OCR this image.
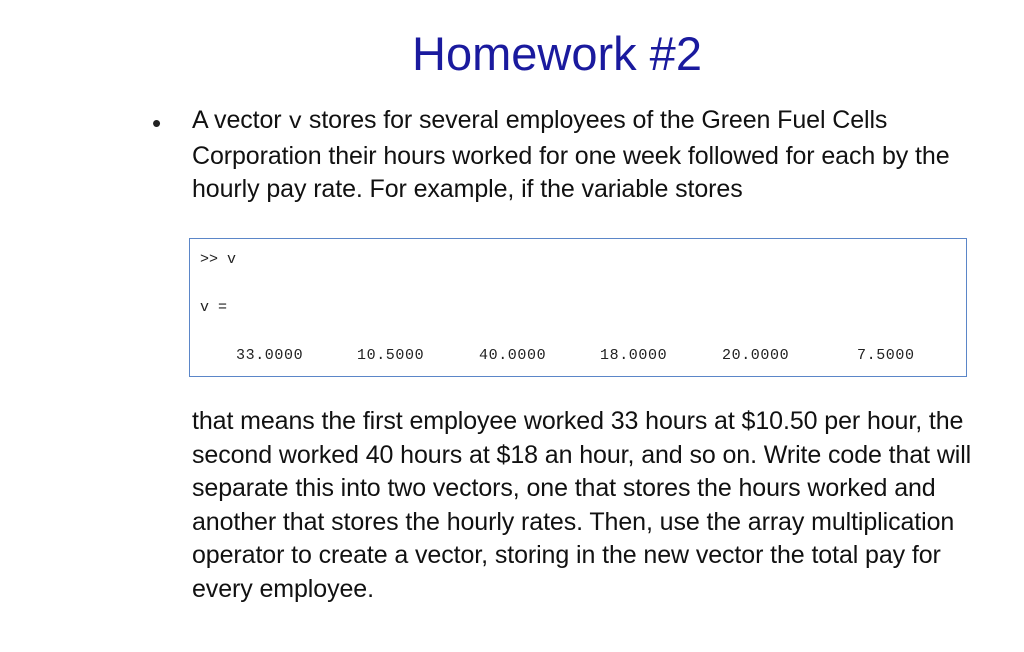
Homework #2
• A vector v stores for several employees of the Green Fuel Cells Corporation their hours worked for one week followed for each by the hourly pay rate. For example, if the variable stores

>> v
v =
33.0000	10.5000	40.0000	18.0000	20.0000	7.5000

that means the first employee worked 33 hours at $10.50 per hour, the second worked 40 hours at $18 an hour, and so on. Write code that will separate this into two vectors, one that stores the hours worked and another that stores the hourly rates. Then, use the array multiplication operator to create a vector, storing in the new vector the total pay for every employee.
